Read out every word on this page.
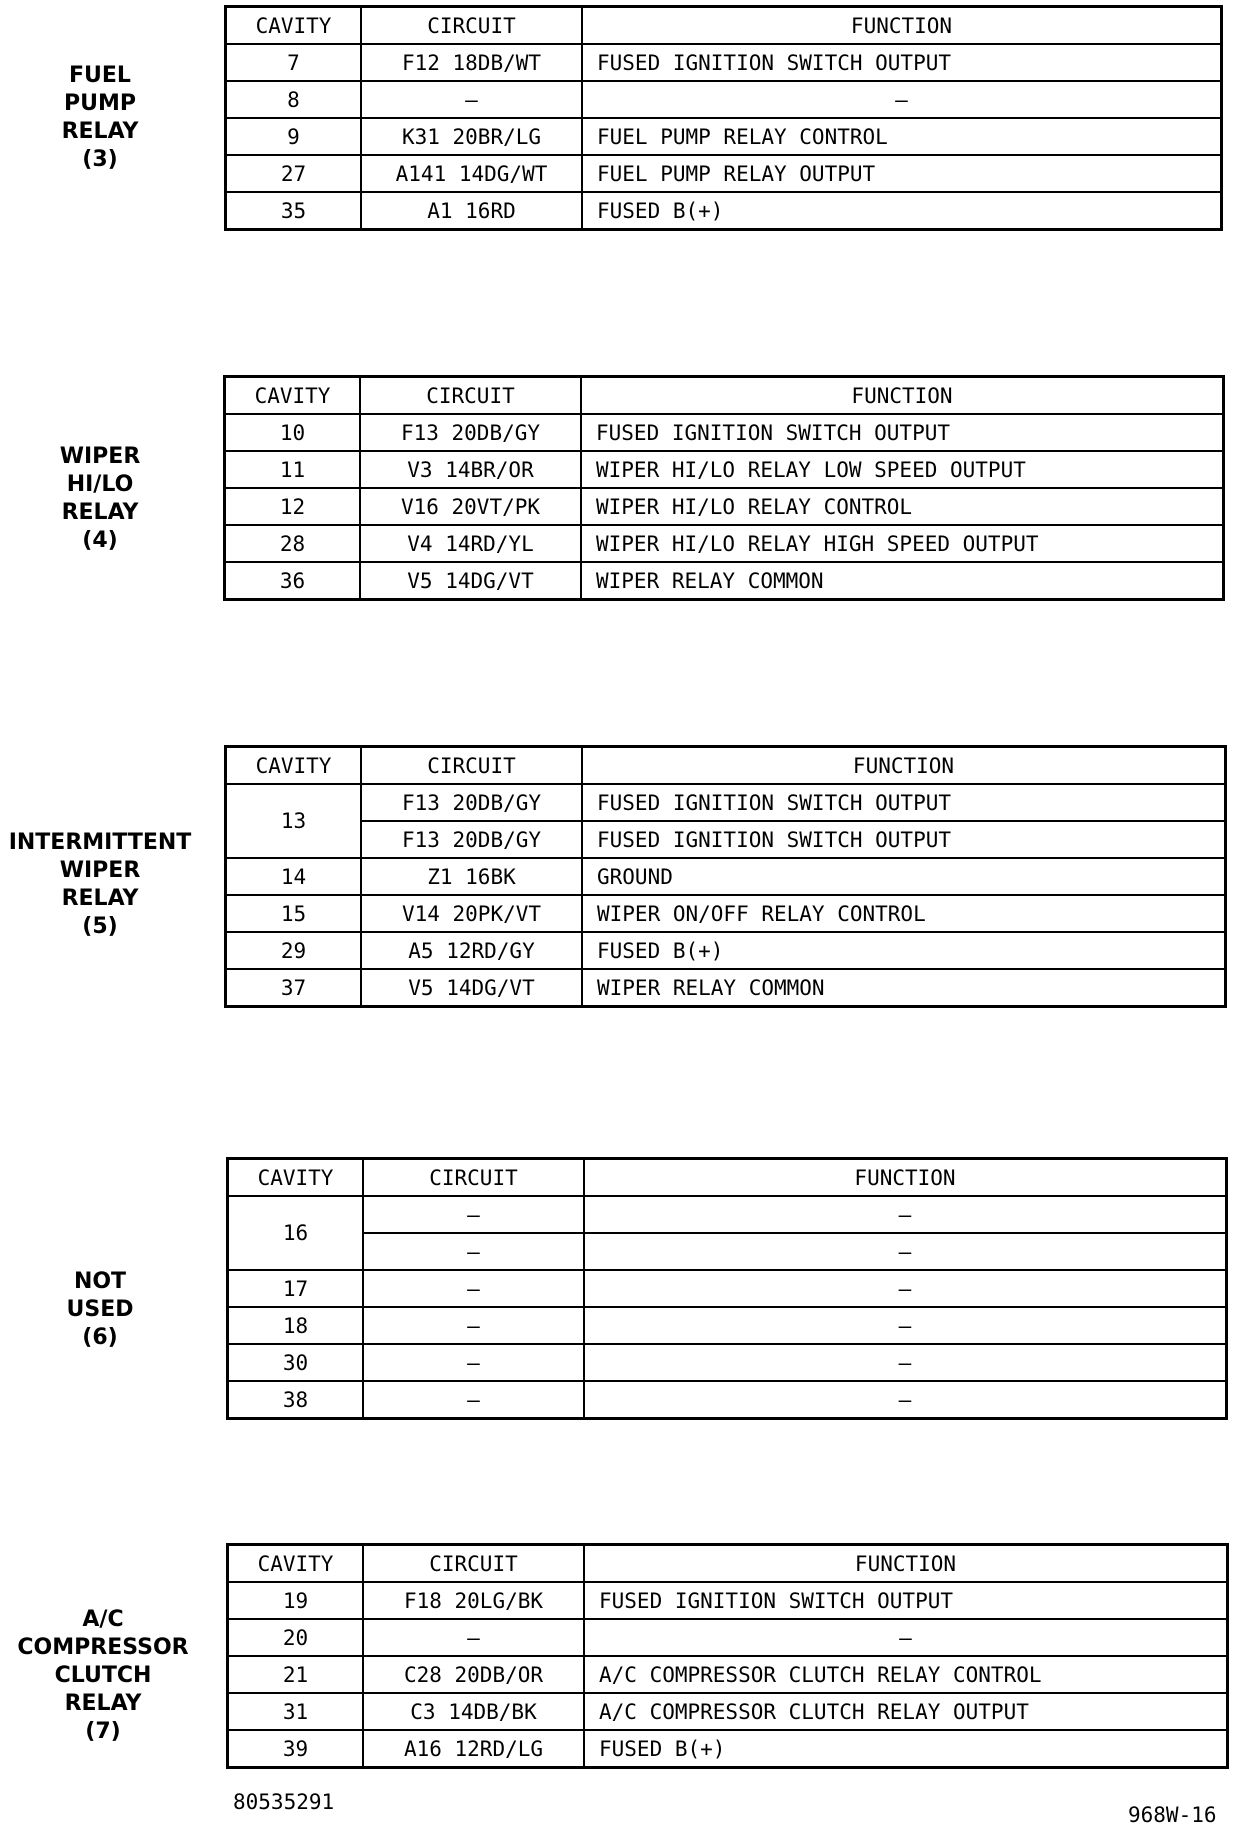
FUEL
PUMP
RELAY
(3)
CAVITY	CIRCUIT	FUNCTION
7	F12 18DB/WT	FUSED IGNITION SWITCH OUTPUT
8	–	–
9	K31 20BR/LG	FUEL PUMP RELAY CONTROL
27	A141 14DG/WT	FUEL PUMP RELAY OUTPUT
35	A1 16RD	FUSED B(+)
WIPER
HI/LO
RELAY
(4)
CAVITY	CIRCUIT	FUNCTION
10	F13 20DB/GY	FUSED IGNITION SWITCH OUTPUT
11	V3 14BR/OR	WIPER HI/LO RELAY LOW SPEED OUTPUT
12	V16 20VT/PK	WIPER HI/LO RELAY CONTROL
28	V4 14RD/YL	WIPER HI/LO RELAY HIGH SPEED OUTPUT
36	V5 14DG/VT	WIPER RELAY COMMON
INTERMITTENT
WIPER
RELAY
(5)
CAVITY	CIRCUIT	FUNCTION
13	F13 20DB/GY	FUSED IGNITION SWITCH OUTPUT
	F13 20DB/GY	FUSED IGNITION SWITCH OUTPUT
14	Z1 16BK	GROUND
15	V14 20PK/VT	WIPER ON/OFF RELAY CONTROL
29	A5 12RD/GY	FUSED B(+)
37	V5 14DG/VT	WIPER RELAY COMMON
NOT
USED
(6)
CAVITY	CIRCUIT	FUNCTION
16	–	–
	–	–
17	–	–
18	–	–
30	–	–
38	–	–
A/C
COMPRESSOR
CLUTCH
RELAY
(7)
CAVITY	CIRCUIT	FUNCTION
19	F18 20LG/BK	FUSED IGNITION SWITCH OUTPUT
20	–	–
21	C28 20DB/OR	A/C COMPRESSOR CLUTCH RELAY CONTROL
31	C3 14DB/BK	A/C COMPRESSOR CLUTCH RELAY OUTPUT
39	A16 12RD/LG	FUSED B(+)
80535291
968W-16
